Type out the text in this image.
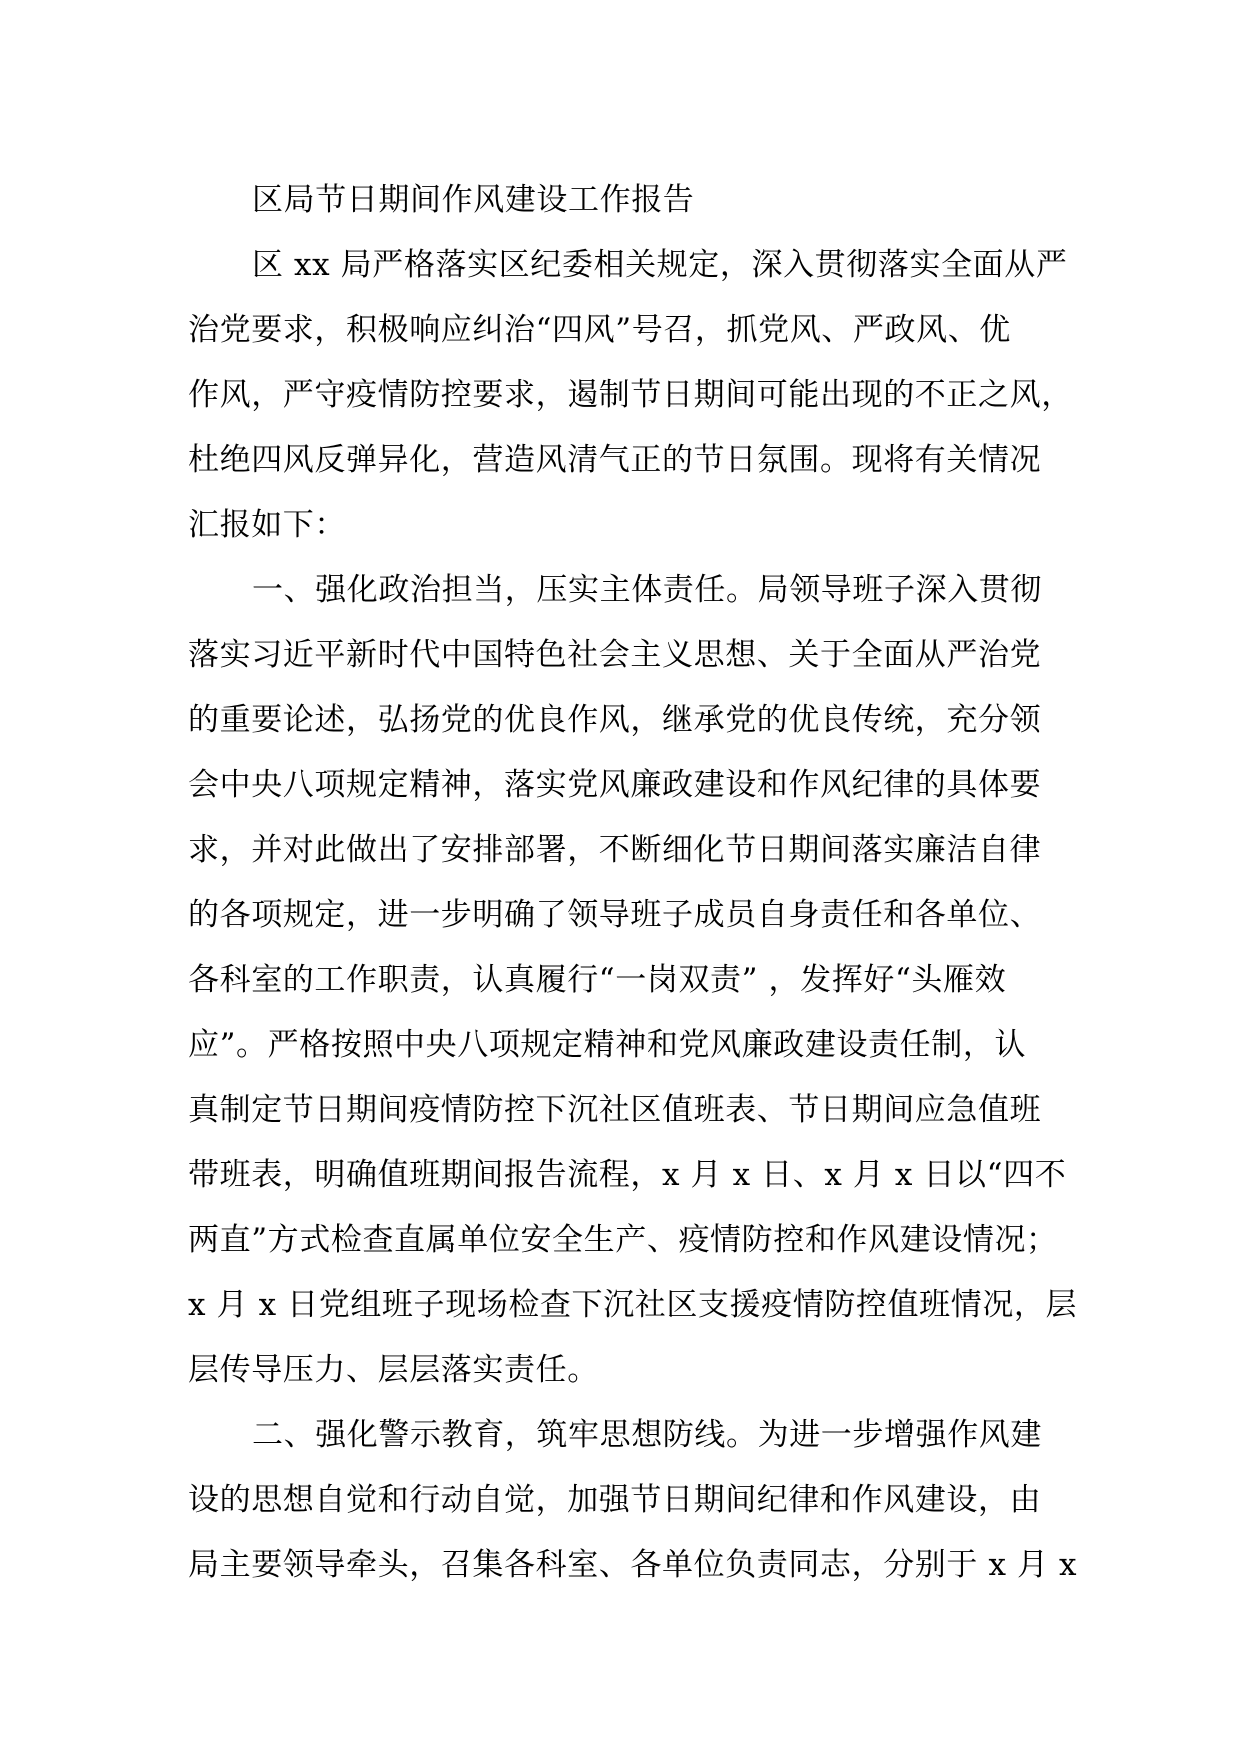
区局节日期间作风建设工作报告
区 xx 局严格落实区纪委相关规定，深入贯彻落实全面从严
治党要求，积极响应纠治“四风”号召，抓党风、严政风、优
作风，严守疫情防控要求，遏制节日期间可能出现的不正之风，
杜绝四风反弹异化，营造风清气正的节日氛围。现将有关情况
汇报如下：
一、强化政治担当，压实主体责任。局领导班子深入贯彻
落实习近平新时代中国特色社会主义思想、关于全面从严治党
的重要论述，弘扬党的优良作风，继承党的优良传统，充分领
会中央八项规定精神，落实党风廉政建设和作风纪律的具体要
求，并对此做出了安排部署，不断细化节日期间落实廉洁自律
的各项规定，进一步明确了领导班子成员自身责任和各单位、
各科室的工作职责，认真履行“一岗双责” ，发挥好“头雁效
应”。严格按照中央八项规定精神和党风廉政建设责任制，认
真制定节日期间疫情防控下沉社区值班表、节日期间应急值班
带班表，明确值班期间报告流程，x 月 x 日、x 月 x 日以“四不
两直”方式检查直属单位安全生产、疫情防控和作风建设情况；
x 月 x 日党组班子现场检查下沉社区支援疫情防控值班情况，层
层传导压力、层层落实责任。
二、强化警示教育，筑牢思想防线。为进一步增强作风建
设的思想自觉和行动自觉，加强节日期间纪律和作风建设，由
局主要领导牵头，召集各科室、各单位负责同志，分别于 x 月 x
